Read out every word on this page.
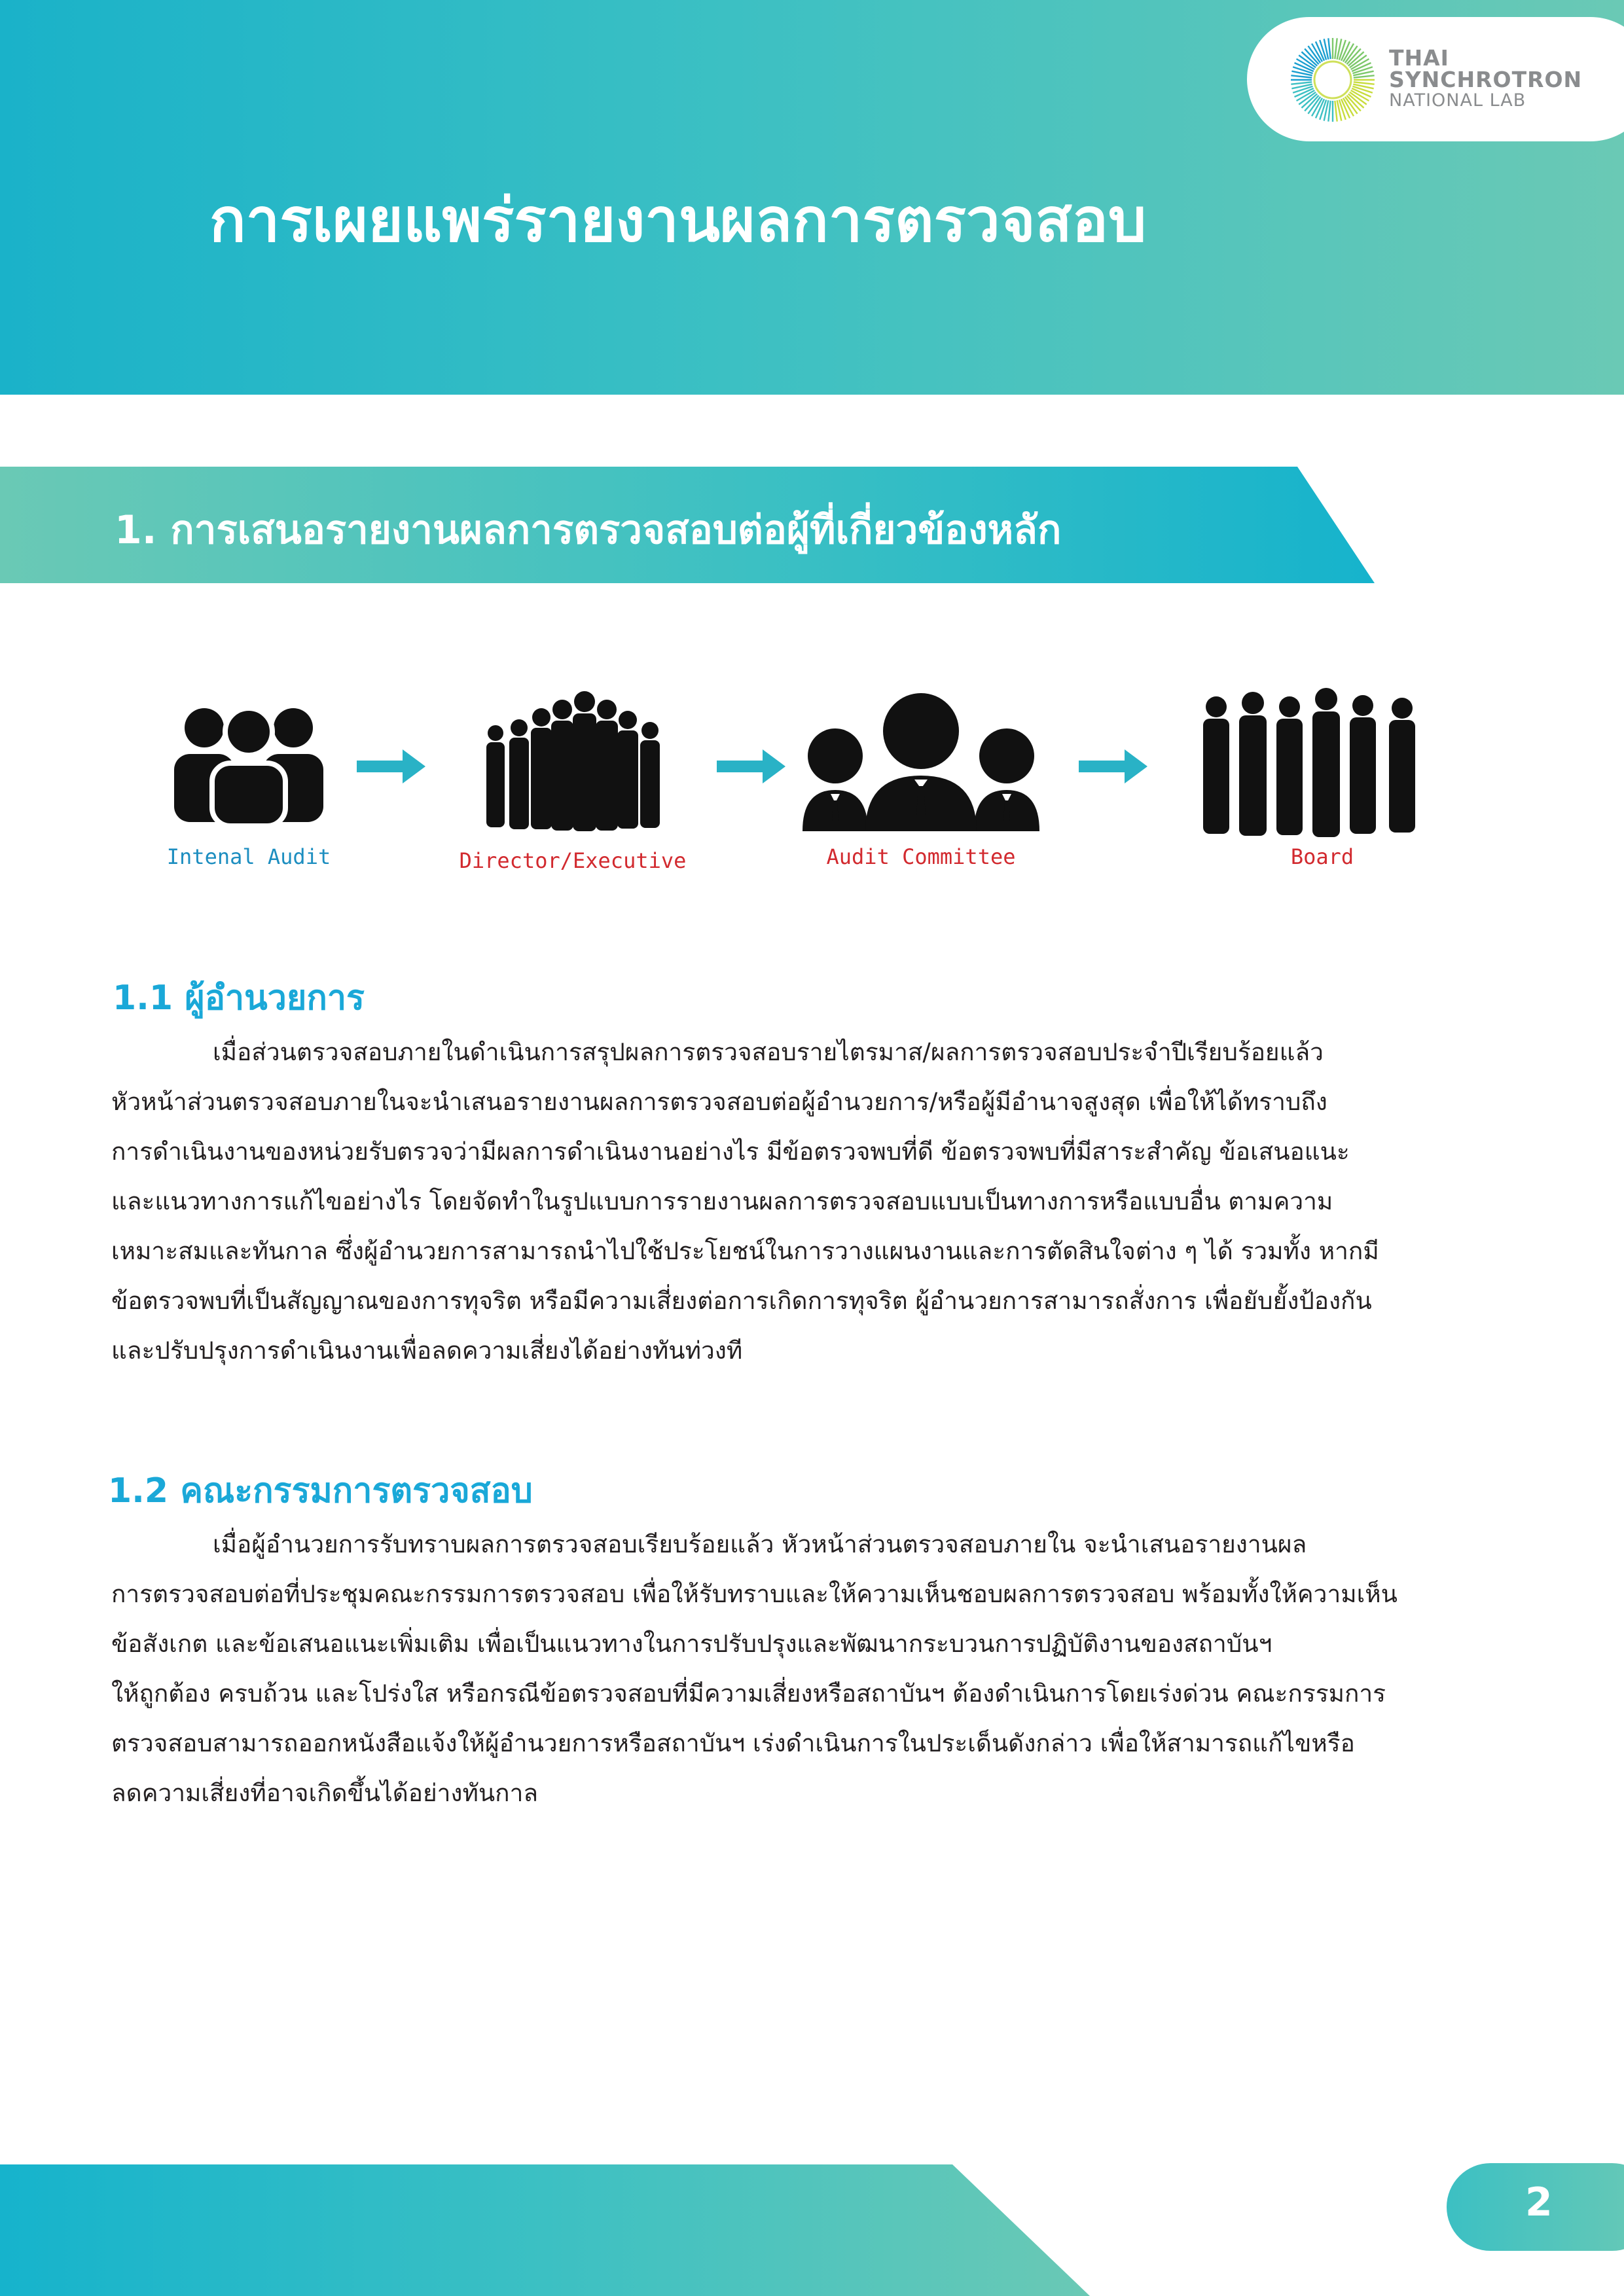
THAI
SYNCHROTRON
NATIONAL LAB
การเผยแพร่รายงานผลการตรวจสอบ
1. การเสนอรายงานผลการตรวจสอบต่อผู้ที่เกี่ยวข้องหลัก
Intenal Audit	Director/Executive	Audit Committee	Board
1.1 ผู้อำนวยการ
เมื่อส่วนตรวจสอบภายในดำเนินการสรุปผลการตรวจสอบรายไตรมาส/ผลการตรวจสอบประจำปีเรียบร้อยแล้ว
หัวหน้าส่วนตรวจสอบภายในจะนำเสนอรายงานผลการตรวจสอบต่อผู้อำนวยการ/หรือผู้มีอำนาจสูงสุด เพื่อให้ได้ทราบถึง
การดำเนินงานของหน่วยรับตรวจว่ามีผลการดำเนินงานอย่างไร มีข้อตรวจพบที่ดี ข้อตรวจพบที่มีสาระสำคัญ ข้อเสนอแนะ
และแนวทางการแก้ไขอย่างไร โดยจัดทำในรูปแบบการรายงานผลการตรวจสอบแบบเป็นทางการหรือแบบอื่น ตามความ
เหมาะสมและทันกาล ซึ่งผู้อำนวยการสามารถนำไปใช้ประโยชน์ในการวางแผนงานและการตัดสินใจต่าง ๆ ได้ รวมทั้ง หากมี
ข้อตรวจพบที่เป็นสัญญาณของการทุจริต หรือมีความเสี่ยงต่อการเกิดการทุจริต ผู้อำนวยการสามารถสั่งการ เพื่อยับยั้งป้องกัน
และปรับปรุงการดำเนินงานเพื่อลดความเสี่ยงได้อย่างทันท่วงที
1.2 คณะกรรมการตรวจสอบ
เมื่อผู้อำนวยการรับทราบผลการตรวจสอบเรียบร้อยแล้ว หัวหน้าส่วนตรวจสอบภายใน จะนำเสนอรายงานผล
การตรวจสอบต่อที่ประชุมคณะกรรมการตรวจสอบ เพื่อให้รับทราบและให้ความเห็นชอบผลการตรวจสอบ พร้อมทั้งให้ความเห็น
ข้อสังเกต และข้อเสนอแนะเพิ่มเติม เพื่อเป็นแนวทางในการปรับปรุงและพัฒนากระบวนการปฏิบัติงานของสถาบันฯ
ให้ถูกต้อง ครบถ้วน และโปร่งใส หรือกรณีข้อตรวจสอบที่มีความเสี่ยงหรือสถาบันฯ ต้องดำเนินการโดยเร่งด่วน คณะกรรมการ
ตรวจสอบสามารถออกหนังสือแจ้งให้ผู้อำนวยการหรือสถาบันฯ เร่งดำเนินการในประเด็นดังกล่าว เพื่อให้สามารถแก้ไขหรือ
ลดความเสี่ยงที่อาจเกิดขึ้นได้อย่างทันกาล
2
